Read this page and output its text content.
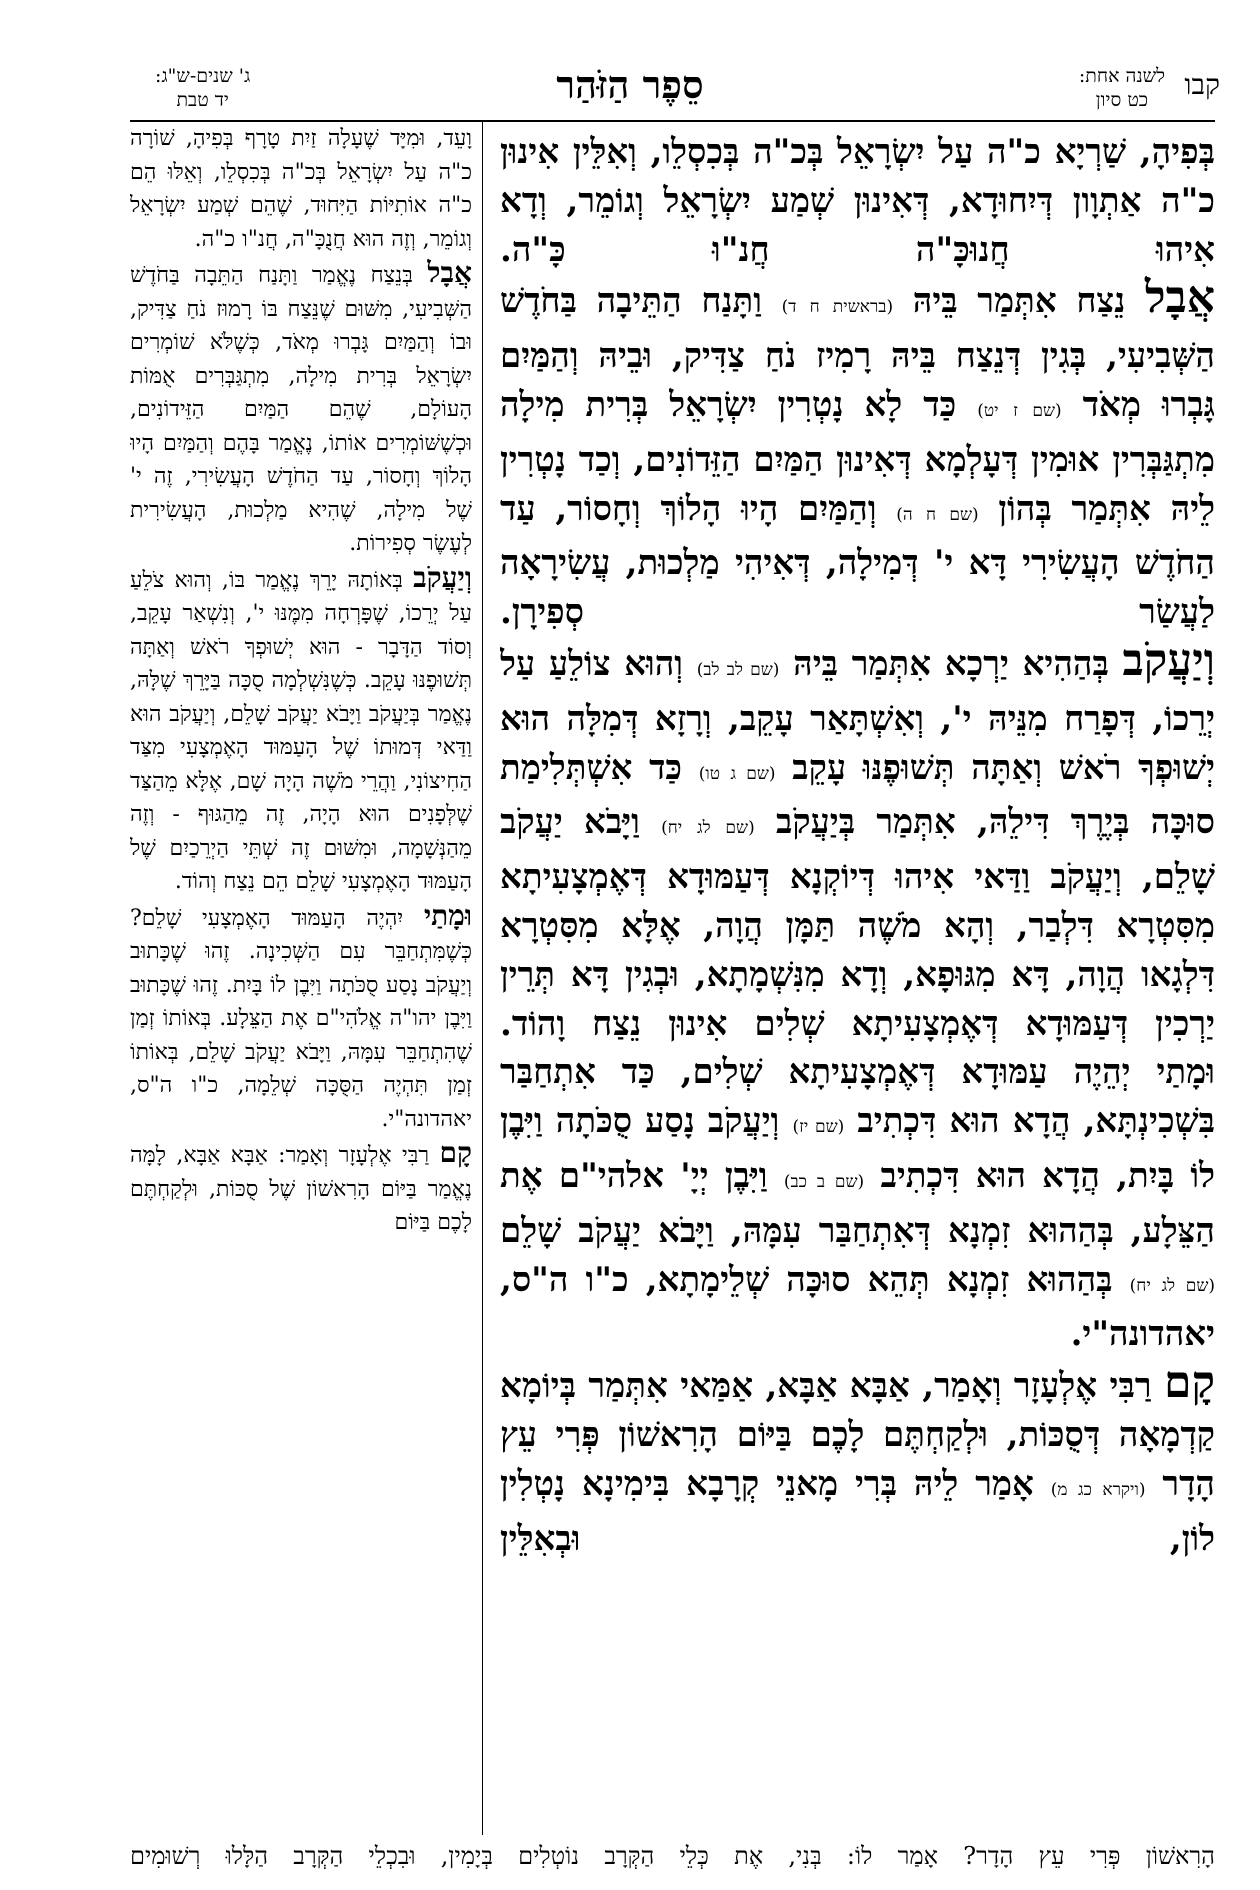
קבו
לשנה אחת:
כט סיון
סֵפֶר הַזֹּהַר
ג' שנים-ש"ג:
יד טבת

בְּפִיהָ, שַׁרְיָא כ"ה עַל יִשְׂרָאֵל בְּכ"ה בְּכִסְלֵו, וְאִלֵּין אִינוּן כ"ה אַתְוָון דְּיִחוּדָא, דְּאִינוּן שְׁמַע יִשְׂרָאֵל וְגוֹמֵר, וְדָא אִיהוּ חֲנוּכָּ"ה חֲנ"וּ כָּ"ה.

אֲבָל נֵצַח אִתְּמַר בֵּיהּ (בראשית ח ד) וַתָּנַח הַתֵּיבָה בַּחֹדֶשׁ הַשְּׁבִיעִי, בְּגִין דְּנֵצַח בֵּיהּ רָמִיז נֹחַ צַדִּיק, וּבֵיהּ וְהַמַּיִם גָּבְרוּ מְאֹד (שם ז יט) כַּד לָא נָטְרִין יִשְׂרָאֵל בְּרִית מִילָה מִתְגַּבְּרִין אוּמִין דְּעָלְמָא דְּאִינוּן הַמַּיִם הַזֵּדוֹנִים, וְכַד נָטְרִין לֵיהּ אִתְּמַר בְּהוֹן (שם ח ה) וְהַמַּיִם הָיוּ הָלוֹךְ וְחָסוֹר, עַד הַחֹדֶשׁ הָעֲשִׂירִי דָּא י' דְּמִילָה, דְּאִיהִי מַלְכוּת, עֲשִׂירָאָה לַעֲשַׂר סְפִירָן.

וְיַעֲקֹב בְּהַהִיא יַרְכָא אִתְּמַר בֵּיהּ (שם לב לב) וְהוּא צוֹלֵעַ עַל יְרֵכוֹ, דְּפָרַח מִנֵּיהּ י', וְאִשְׁתָּאַר עָקֵב, וְרָזָא דְּמִלָּה הוּא יְשׁוּפְךָ רֹאשׁ וְאַתָּה תְּשׁוּפֶנּוּ עָקֵב (שם ג טו) כַּד אִשְׁתְּלִימַת סוּכָּה בְּיֶרֶךְ דִּילֵהּ, אִתְּמַר בְּיַעֲקֹב (שם לג יח) וַיָּבֹא יַעֲקֹב שָׁלֵם, וְיַעֲקֹב וַדַּאי אִיהוּ דְּיוֹקְנָא דְּעַמּוּדָא דְּאֶמְצָעִיתָא מִסִּטְרָא דִּלְבַר, וְהָא מֹשֶׁה תַּמָּן הֲוָה, אֶלָּא מִסִּטְרָא דִּלְגָאו הֲוָה, דָּא מִגּוּפָא, וְדָא מִנִּשְׁמָתָא, וּבְגִין דָּא תְּרֵין יַרְכִין דְּעַמּוּדָא דְּאֶמְצָעִיתָא שְׁלִים אִינוּן נֵצַח וָהוֹד.

וּמָתַי יְהֵיֶה עַמּוּדָא דְּאֶמְצָעִיתָא שְׁלִים, כַּד אִתְחַבַּר בִּשְׁכִינְתָּא, הֲדָא הוּא דִּכְתִיב (שם יז) וְיַעֲקֹב נָסַע סֻכֹּתָה וַיִּבֶן לוֹ בָּיִת, הֲדָא הוּא דִּכְתִיב (שם ב כב) וַיִּבֶן יְיָ' אלהי"ם אֶת הַצֵּלָע, בְּהַהוּא זִמְנָא דְּאִתְחַבַּר עִמָּהּ, וַיָּבֹא יַעֲקֹב שָׁלֵם (שם לג יח) בְּהַהוּא זִמְנָא תְּהֵא סוּכָּה שְׁלֵימָתָא, כ"ו ה"ס, יאהדונה"י.

קָם רַבִּי אֶלְעָזָר וְאָמַר, אַבָּא אַבָּא, אַמַּאי אִתְּמַר בְּיוֹמָא קַדְמָאָה דְּסֻכּוֹת, וּלְקַחְתֶּם לָכֶם בַּיּוֹם הָרִאשׁוֹן פְּרִי עֵץ הָדָר (ויקרא כג מ) אָמַר לֵיהּ בְּרִי מָאנֵי קְרָבָא בִּימִינָא נָטְלִין לוֹן, וּבְאִלֵּין

וָעֵד, וּמִיָּד שֶׁעָלָה זַיִת טָרָף בְּפִיהָ, שׁוֹרָה כ"ה עַל יִשְׂרָאֵל בְּכ"ה בְּכִסְלֵו, וְאֵלּוּ הֵם כ"ה אוֹתִיּוֹת הַיִּחוּד, שֶׁהֵם שְׁמַע יִשְׂרָאֵל וְגוֹמֵר, וְזֶה הוּא חֲנֻכָּ"ה, חֲנ"ו כ"ה.

אֲבָל בְּנֵצַח נֶאֱמַר וַתָּנַח הַתֵּבָה בַּחֹדֶשׁ הַשְּׁבִיעִי, מִשּׁוּם שֶׁנֵּצַח בּוֹ רָמוּז נֹחַ צַדִּיק, וּבוֹ וְהַמַּיִם גָּבְרוּ מְאֹד, כְּשֶׁלֹּא שׁוֹמְרִים יִשְׂרָאֵל בְּרִית מִילָה, מִתְגַּבְּרִים אֻמּוֹת הָעוֹלָם, שֶׁהֵם הַמַּיִם הַזֵּידוֹנִים, וּכְשֶׁשּׁוֹמְרִים אוֹתוֹ, נֶאֱמַר בָּהֶם וְהַמַּיִם הָיוּ הָלוֹךְ וְחָסוֹר, עַד הַחֹדֶשׁ הָעֲשִׂירִי, זֶה י' שֶׁל מִילָה, שֶׁהִיא מַלְכוּת, הָעֲשִׂירִית לְעֶשֶׂר סְפִירוֹת.

וְיַעֲקֹב בְּאוֹתָהּ יָרֵךְ נֶאֱמַר בּוֹ, וְהוּא צֹלֵעַ עַל יְרֵכוֹ, שֶׁפָּרְחָה מִמֶּנּוּ י', וְנִשְׁאַר עָקֵב, וְסוֹד הַדָּבָר - הוּא יְשׁוּפְךָ רֹאשׁ וְאַתָּה תְּשׁוּפֶנּוּ עָקֵב. כְּשֶׁנִּשְׁלְמָה סֻכָּה בַּיָּרֵךְ שֶׁלָּהּ, נֶאֱמַר בְּיַעֲקֹב וַיָּבֹא יַעֲקֹב שָׁלֵם, וְיַעֲקֹב הוּא וַדַּאי דְּמוּתוֹ שֶׁל הָעַמּוּד הָאֶמְצָעִי מִצַּד הַחִיצוֹנִי, וַהֲרֵי מֹשֶׁה הָיָה שָׁם, אֶלָּא מֵהַצַּד שֶׁלְּפָנִים הוּא הָיָה, זֶה מֵהַגּוּף - וְזֶה מֵהַנְּשָׁמָה, וּמִשּׁוּם זֶה שְׁתֵּי הַיְרֵכַיִם שֶׁל הָעַמּוּד הָאֶמְצָעִי שָׁלֵם הֵם נֵצַח וְהוֹד.

וּמָתַי יִהְיֶה הָעַמּוּד הָאֶמְצָעִי שָׁלֵם? כְּשֶׁמִּתְחַבֵּר עִם הַשְּׁכִינָה. זֶהוּ שֶׁכָּתוּב וְיַעֲקֹב נָסַע סֻכֹּתָה וַיִּבֶן לוֹ בָּיִת. זֶהוּ שֶׁכָּתוּב וַיִּבֶן יהו"ה אֱלֹהִי"ם אֶת הַצֵּלָע. בְּאוֹתוֹ זְמַן שֶׁהִתְחַבֵּר עִמָּהּ, וַיָּבֹא יַעֲקֹב שָׁלֵם, בְּאוֹתוֹ זְמַן תִּהְיֶה הַסֻּכָּה שְׁלֵמָה, כ"ו ה"ס, יאהדונה"י.

קָם רַבִּי אֶלְעָזָר וְאָמַר: אַבָּא אַבָּא, לָמָּה נֶאֱמַר בַּיּוֹם הָרִאשׁוֹן שֶׁל סֻכּוֹת, וּלְקַחְתֶּם לָכֶם בַּיּוֹם

הָרִאשׁוֹן פְּרִי עֵץ הָדָר? אָמַר לוֹ: בְּנִי, אֶת כְּלֵי הַקְּרָב נוֹטְלִים בְּיָמִין, וּבִכְלֵי הַקְּרָב הַלָּלוּ רְשׁוּמִים
